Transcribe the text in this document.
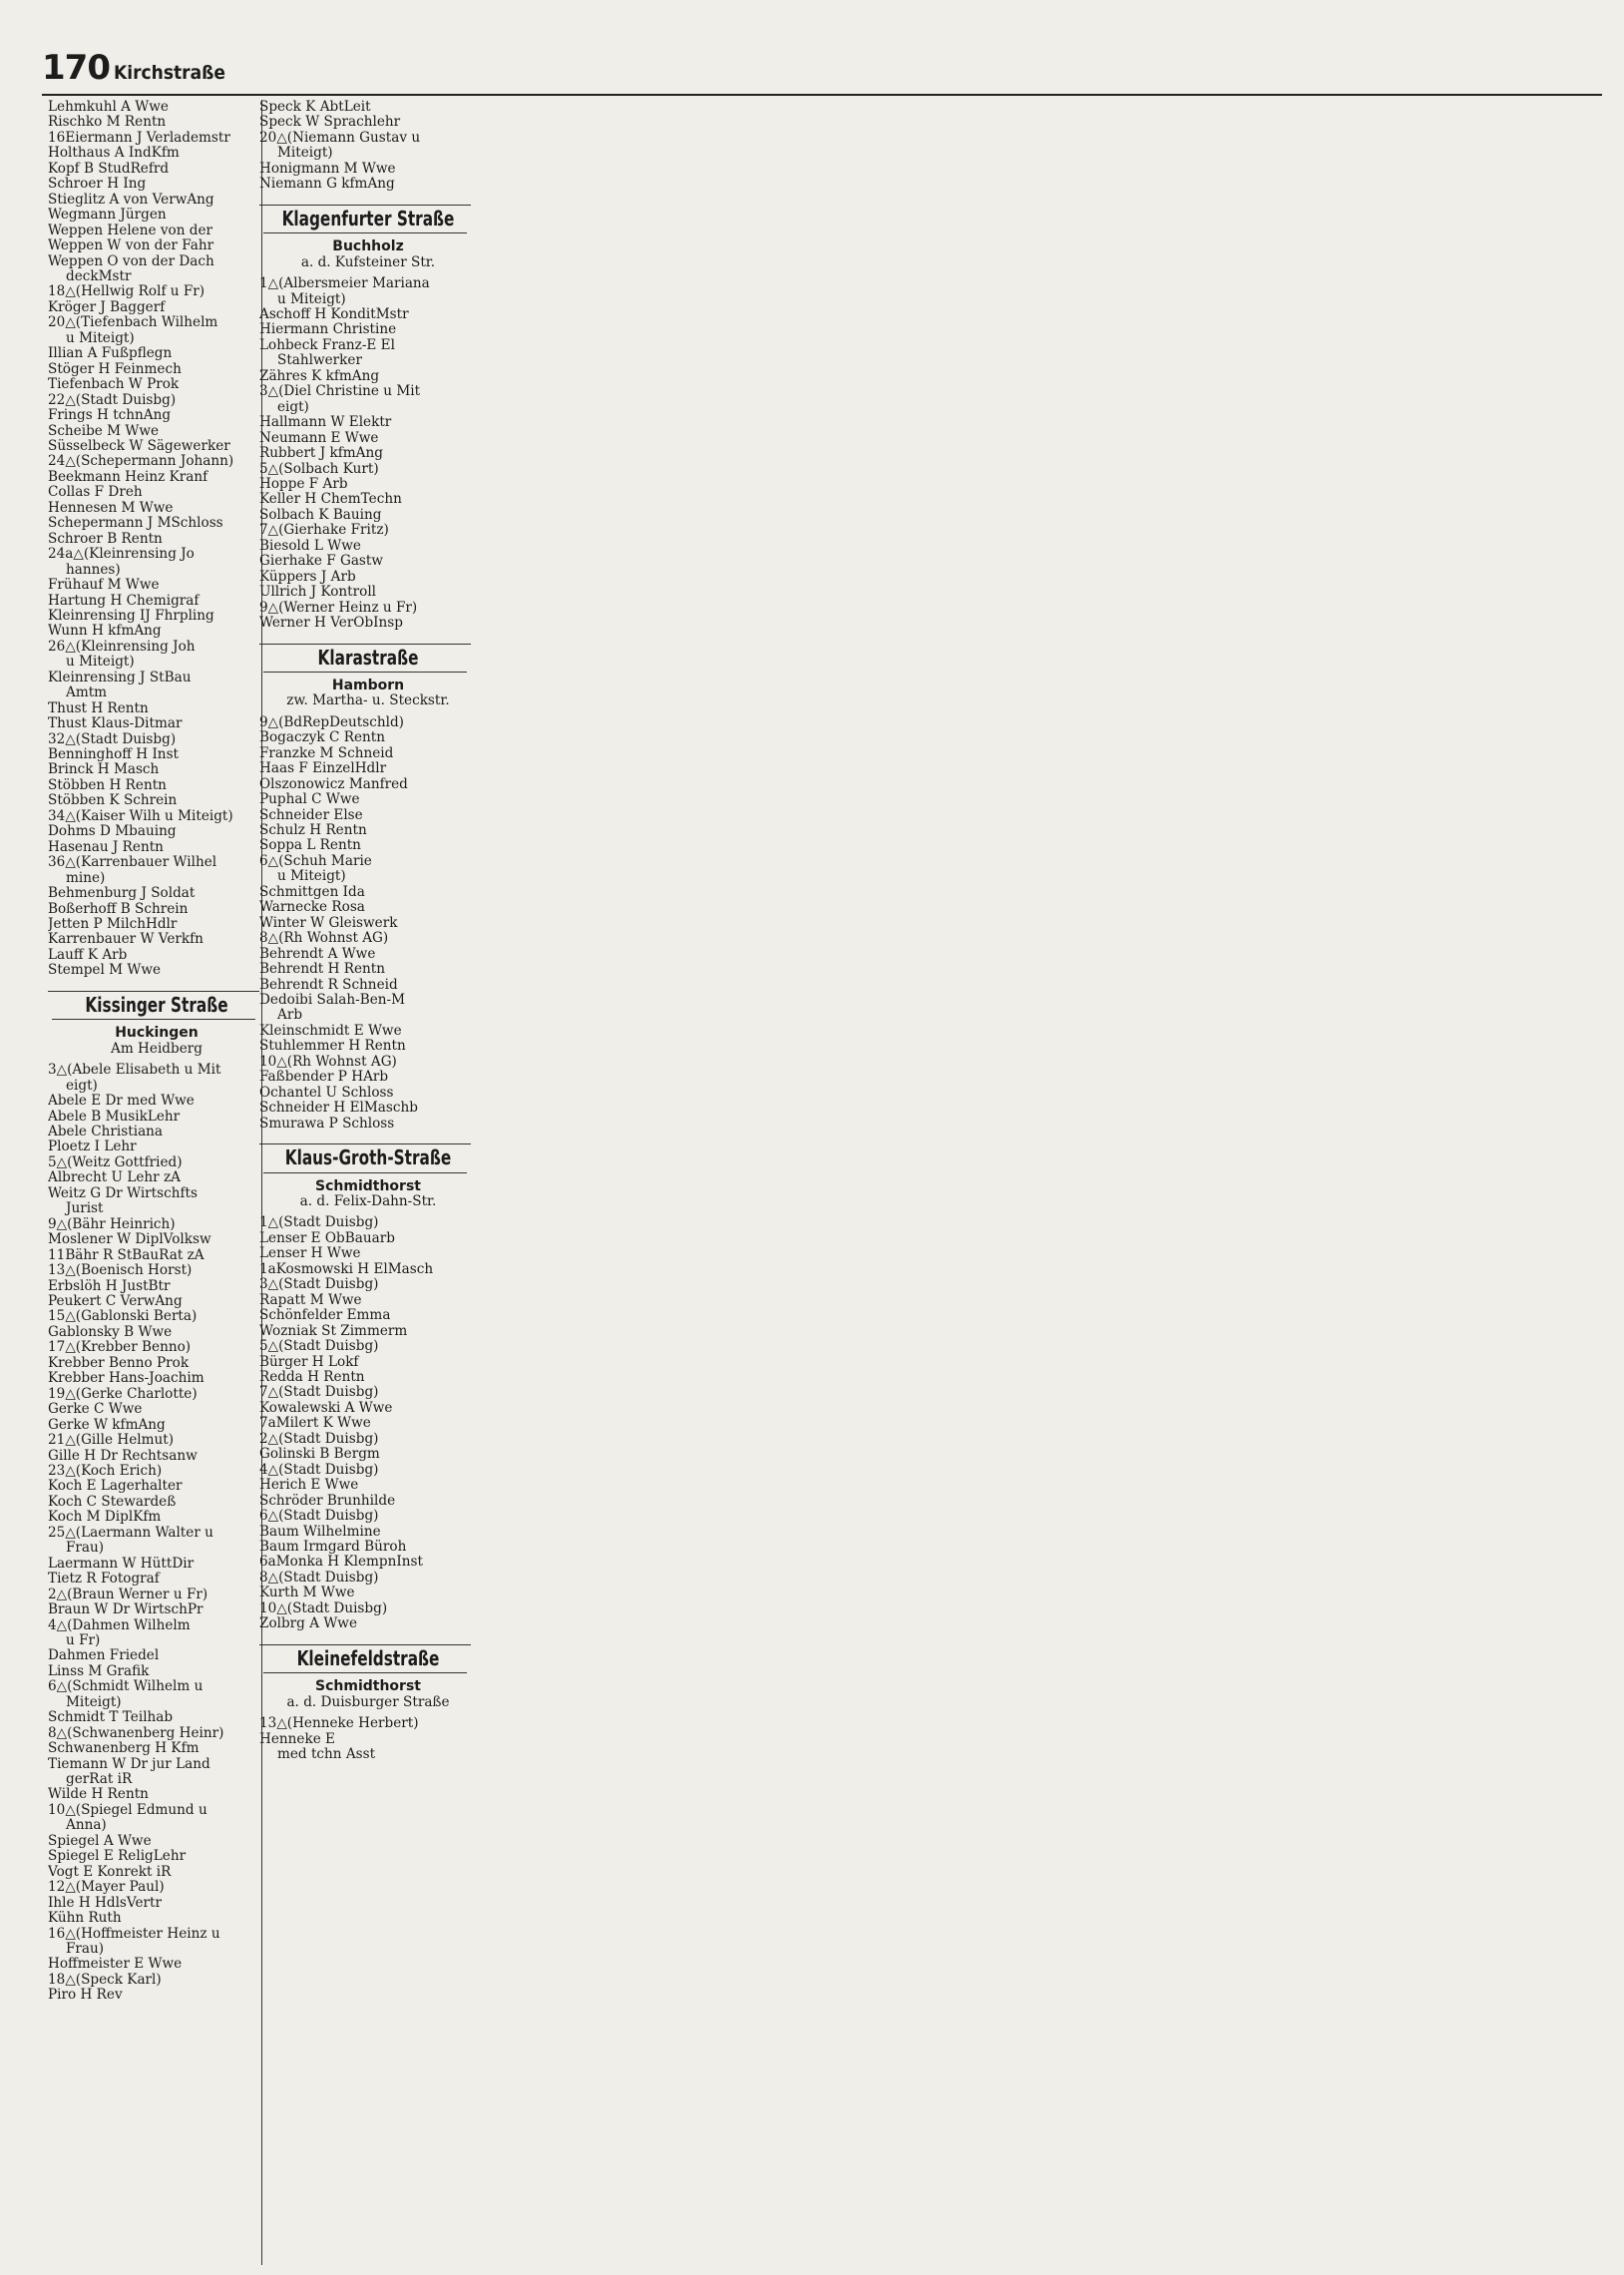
170 Kirchstraße
Lehmkuhl A Wwe
Rischko M Rentn
16Eiermann J Verlademstr
Holthaus A IndKfm
Kopf B StudRefrd
Schroer H Ing
Stieglitz A von VerwAng
Wegmann Jürgen
Weppen Helene von der
Weppen W von der Fahr
Weppen O von der Dach
deckMstr
18△(Hellwig Rolf u Fr)
Kröger J Baggerf
20△(Tiefenbach Wilhelm
u Miteigt)
Illian A Fußpflegn
Stöger H Feinmech
Tiefenbach W Prok
22△(Stadt Duisbg)
Frings H tchnAng
Scheibe M Wwe
Süsselbeck W Sägewerker
24△(Schepermann Johann)
Beekmann Heinz Kranf
Collas F Dreh
Hennesen M Wwe
Schepermann J MSchloss
Schroer B Rentn
24a△(Kleinrensing Jo
hannes)
Frühauf M Wwe
Hartung H Chemigraf
Kleinrensing IJ Fhrpling
Wunn H kfmAng
26△(Kleinrensing Joh
u Miteigt)
Kleinrensing J StBau
Amtm
Thust H Rentn
Thust Klaus-Ditmar
32△(Stadt Duisbg)
Benninghoff H Inst
Brinck H Masch
Stöbben H Rentn
Stöbben K Schrein
34△(Kaiser Wilh u Miteigt)
Dohms D Mbauing
Hasenau J Rentn
36△(Karrenbauer Wilhel
mine)
Behmenburg J Soldat
Boßerhoff B Schrein
Jetten P MilchHdlr
Karrenbauer W Verkfn
Lauff K Arb
Stempel M Wwe
Kissinger Straße
Huckingen
Am Heidberg
3△(Abele Elisabeth u Mit
eigt)
Abele E Dr med Wwe
Abele B MusikLehr
Abele Christiana
Ploetz I Lehr
5△(Weitz Gottfried)
Albrecht U Lehr zA
Weitz G Dr Wirtschfts
Jurist
9△(Bähr Heinrich)
Moslener W DiplVolksw
11Bähr R StBauRat zA
13△(Boenisch Horst)
Erbslöh H JustBtr
Peukert C VerwAng
15△(Gablonski Berta)
Gablonsky B Wwe
17△(Krebber Benno)
Krebber Benno Prok
Krebber Hans-Joachim
19△(Gerke Charlotte)
Gerke C Wwe
Gerke W kfmAng
21△(Gille Helmut)
Gille H Dr Rechtsanw
23△(Koch Erich)
Koch E Lagerhalter
Koch C Stewardeß
Koch M DiplKfm
25△(Laermann Walter u
Frau)
Laermann W HüttDir
Tietz R Fotograf
2△(Braun Werner u Fr)
Braun W Dr WirtschPr
4△(Dahmen Wilhelm
u Fr)
Dahmen Friedel
Linss M Grafik
6△(Schmidt Wilhelm u
Miteigt)
Schmidt T Teilhab
8△(Schwanenberg Heinr)
Schwanenberg H Kfm
Tiemann W Dr jur Land
gerRat iR
Wilde H Rentn
10△(Spiegel Edmund u
Anna)
Spiegel A Wwe
Spiegel E ReligLehr
Vogt E Konrekt iR
12△(Mayer Paul)
Ihle H HdlsVertr
Kühn Ruth
16△(Hoffmeister Heinz u
Frau)
Hoffmeister E Wwe
18△(Speck Karl)
Piro H Rev
Speck K AbtLeit
Speck W Sprachlehr
20△(Niemann Gustav u
Miteigt)
Honigmann M Wwe
Niemann G kfmAng
Klagenfurter Straße
Buchholz
a. d. Kufsteiner Str.
1△(Albersmeier Mariana
u Miteigt)
Aschoff H KonditMstr
Hiermann Christine
Lohbeck Franz-E El
Stahlwerker
Zähres K kfmAng
3△(Diel Christine u Mit
eigt)
Hallmann W Elektr
Neumann E Wwe
Rubbert J kfmAng
5△(Solbach Kurt)
Hoppe F Arb
Keller H ChemTechn
Solbach K Bauing
7△(Gierhake Fritz)
Biesold L Wwe
Gierhake F Gastw
Küppers J Arb
Ullrich J Kontroll
9△(Werner Heinz u Fr)
Werner H VerObInsp
Klarastraße
Hamborn
zw. Martha- u. Steckstr.
9△(BdRepDeutschld)
Bogaczyk C Rentn
Franzke M Schneid
Haas F EinzelHdlr
Olszonowicz Manfred
Puphal C Wwe
Schneider Else
Schulz H Rentn
Soppa L Rentn
6△(Schuh Marie
u Miteigt)
Schmittgen Ida
Warnecke Rosa
Winter W Gleiswerk
8△(Rh Wohnst AG)
Behrendt A Wwe
Behrendt H Rentn
Behrendt R Schneid
Dedoibi Salah-Ben-M
Arb
Kleinschmidt E Wwe
Stuhlemmer H Rentn
10△(Rh Wohnst AG)
Faßbender P HArb
Ochantel U Schloss
Schneider H ElMaschb
Smurawa P Schloss
Klaus-Groth-Straße
Schmidthorst
a. d. Felix-Dahn-Str.
1△(Stadt Duisbg)
Lenser E ObBauarb
Lenser H Wwe
1aKosmowski H ElMasch
3△(Stadt Duisbg)
Rapatt M Wwe
Schönfelder Emma
Wozniak St Zimmerm
5△(Stadt Duisbg)
Bürger H Lokf
Redda H Rentn
7△(Stadt Duisbg)
Kowalewski A Wwe
7aMilert K Wwe
2△(Stadt Duisbg)
Golinski B Bergm
4△(Stadt Duisbg)
Herich E Wwe
Schröder Brunhilde
6△(Stadt Duisbg)
Baum Wilhelmine
Baum Irmgard Büroh
6aMonka H KlempnInst
8△(Stadt Duisbg)
Kurth M Wwe
10△(Stadt Duisbg)
Zolbrg A Wwe
Kleinefeldstraße
Schmidthorst
a. d. Duisburger Straße
13△(Henneke Herbert)
Henneke E
med tchn Asst
